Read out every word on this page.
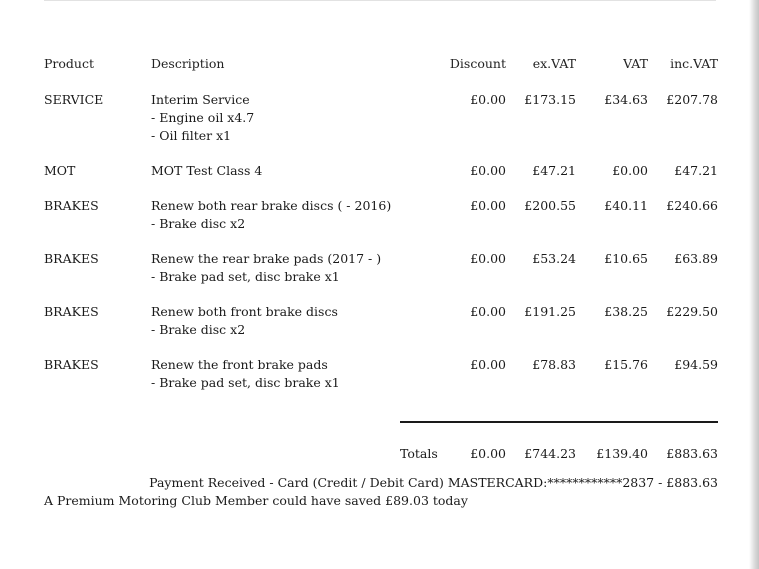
Product	Description	Discount ex.VAT	VAT inc.VAT
SERVICE	Interim Service
- Engine oil x4.7
- Oil filter x1
£0.00 £173.15 £34.63 £207.78
MOT	MOT Test Class 4	£0.00 £47.21	£0.00 £47.21
BRAKES	Renew both rear brake discs ( - 2016)
- Brake disc x2
£0.00 £200.55 £40.11 £240.66
BRAKES	Renew the rear brake pads (2017 - )
- Brake pad set, disc brake x1
£0.00 £53.24 £10.65 £63.89
BRAKES	Renew both front brake discs
- Brake disc x2
£0.00 £191.25 £38.25 £229.50
BRAKES	Renew the front brake pads
- Brake pad set, disc brake x1
£0.00 £78.83 £15.76 £94.59
Totals	£0.00 £744.23 £139.40 £883.63
Payment Received - Card (Credit / Debit Card) MASTERCARD:************2837 - £883.63
A Premium Motoring Club Member could have saved £89.03 today
